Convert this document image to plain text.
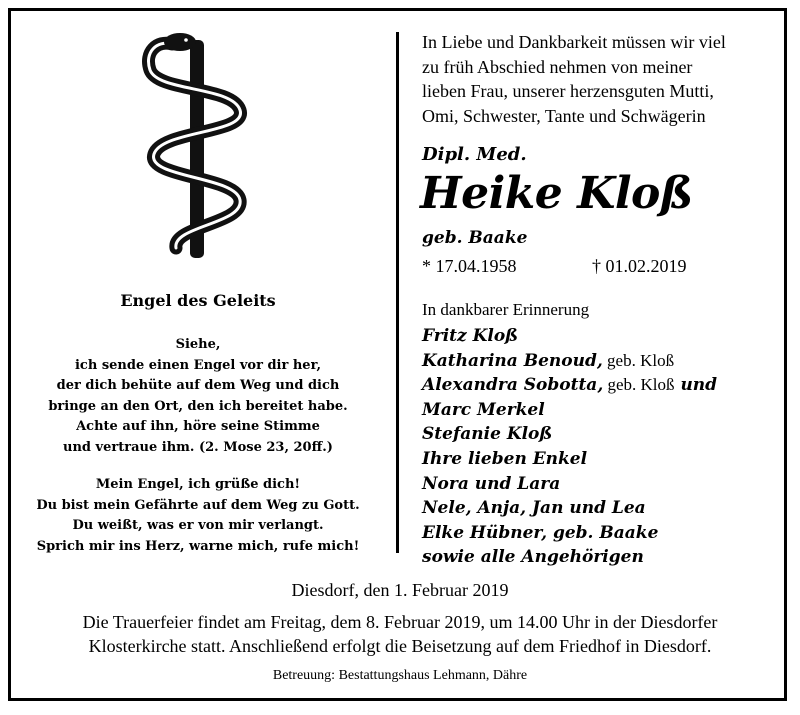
Engel des Geleits
Siehe,
ich sende einen Engel vor dir her,
der dich behüte auf dem Weg und dich
bringe an den Ort, den ich bereitet habe.
Achte auf ihn, höre seine Stimme
und vertraue ihm. (2. Mose 23, 20ff.)
Mein Engel, ich grüße dich!
Du bist mein Gefährte auf dem Weg zu Gott.
Du weißt, was er von mir verlangt.
Sprich mir ins Herz, warne mich, rufe mich!
In Liebe und Dankbarkeit müssen wir viel
zu früh Abschied nehmen von meiner
lieben Frau, unserer herzensguten Mutti,
Omi, Schwester, Tante und Schwägerin
Dipl. Med.
Heike Kloß
geb. Baake
* 17.04.1958	† 01.02.2019
In dankbarer Erinnerung
Fritz Kloß
Katharina Benoud, geb. Kloß
Alexandra Sobotta, geb. Kloß und
Marc Merkel
Stefanie Kloß
Ihre lieben Enkel
Nora und Lara
Nele, Anja, Jan und Lea
Elke Hübner, geb. Baake
sowie alle Angehörigen
Diesdorf, den 1. Februar 2019
Die Trauerfeier findet am Freitag, dem 8. Februar 2019, um 14.00 Uhr in der Diesdorfer
Klosterkirche statt. Anschließend erfolgt die Beisetzung auf dem Friedhof in Diesdorf.
Betreuung: Bestattungshaus Lehmann, Dähre
